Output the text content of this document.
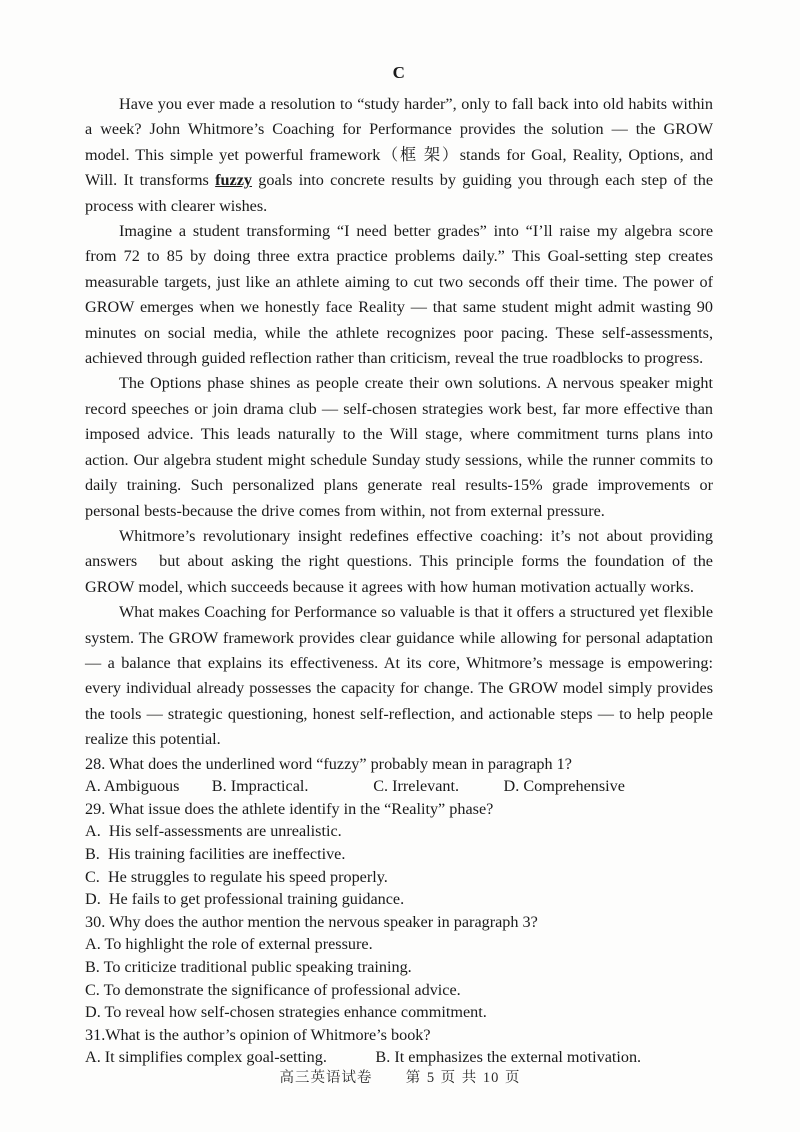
C

Have you ever made a resolution to “study harder”, only to fall back into old habits within a week? John Whitmore’s Coaching for Performance provides the solution — the GROW model. This simple yet powerful framework（框 架）stands for Goal, Reality, Options, and Will. It transforms fuzzy goals into concrete results by guiding you through each step of the process with clearer wishes.

Imagine a student transforming “I need better grades” into “I’ll raise my algebra score from 72 to 85 by doing three extra practice problems daily.” This Goal-setting step creates measurable targets, just like an athlete aiming to cut two seconds off their time. The power of GROW emerges when we honestly face Reality — that same student might admit wasting 90 minutes on social media, while the athlete recognizes poor pacing. These self-assessments, achieved through guided reflection rather than criticism, reveal the true roadblocks to progress.

The Options phase shines as people create their own solutions. A nervous speaker might record speeches or join drama club — self-chosen strategies work best, far more effective than imposed advice. This leads naturally to the Will stage, where commitment turns plans into action. Our algebra student might schedule Sunday study sessions, while the runner commits to daily training. Such personalized plans generate real results-15% grade improvements or personal bests-because the drive comes from within, not from external pressure.

Whitmore’s revolutionary insight redefines effective coaching: it’s not about providing answers but about asking the right questions. This principle forms the foundation of the GROW model, which succeeds because it agrees with how human motivation actually works.

What makes Coaching for Performance so valuable is that it offers a structured yet flexible system. The GROW framework provides clear guidance while allowing for personal adaptation — a balance that explains its effectiveness. At its core, Whitmore’s message is empowering: every individual already possesses the capacity for change. The GROW model simply provides the tools — strategic questioning, honest self-reflection, and actionable steps — to help people realize this potential.

28. What does the underlined word “fuzzy” probably mean in paragraph 1?
A. Ambiguous        B. Impractical.                C. Irrelevant.           D. Comprehensive
29. What issue does the athlete identify in the “Reality” phase?
A.  His self-assessments are unrealistic.
B.  His training facilities are ineffective.
C.  He struggles to regulate his speed properly.
D.  He fails to get professional training guidance.
30. Why does the author mention the nervous speaker in paragraph 3?
A. To highlight the role of external pressure.
B. To criticize traditional public speaking training.
C. To demonstrate the significance of professional advice.
D. To reveal how self-chosen strategies enhance commitment.
31.What is the author’s opinion of Whitmore’s book?
A. It simplifies complex goal-setting.            B. It emphasizes the external motivation.
高三英语试卷 第 5 页 共 10 页
